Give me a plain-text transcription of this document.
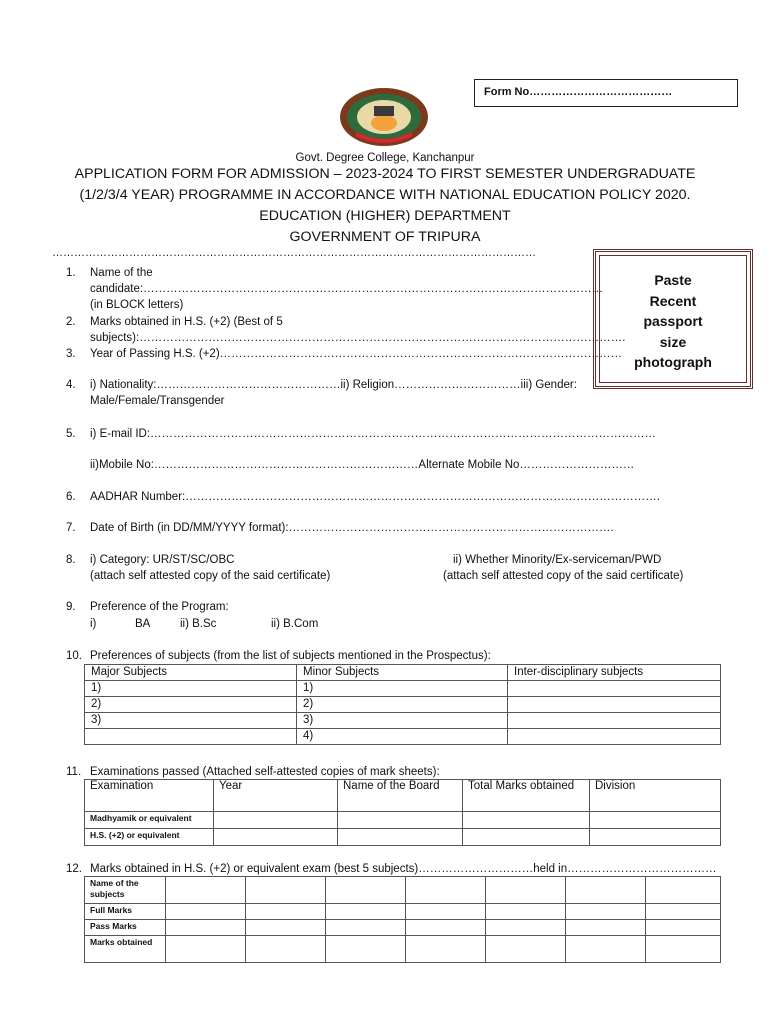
Form No…………………………………
Govt. Degree College, Kanchanpur
APPLICATION FORM FOR ADMISSION – 2023-2024 TO FIRST SEMESTER UNDERGRADUATE
(1/2/3/4 YEAR) PROGRAMME IN ACCORDANCE WITH NATIONAL EDUCATION POLICY 2020.
EDUCATION (HIGHER) DEPARTMENT
GOVERNMENT OF TRIPURA
……………………………………………………………………………………………………………………
Paste
Recent
passport
size
photograph
1. Name of the
candidate:…………………………………………………………………………………………………………
(in BLOCK letters)
2. Marks obtained in H.S. (+2) (Best of 5
subjects):……………………………………………………………………………………………………………….
3. Year of Passing H.S. (+2)……………………………………………………………………………………………
4. i) Nationality:…………………………………………ii) Religion……………………………iii) Gender:
Male/Female/Transgender
5. i) E-mail ID:……………………………………………………………………………………………………………………
ii)Mobile No:……………………………………………………………Alternate Mobile No…………………………
6. AADHAR Number:…………………………………………………………………………………………………………….
7. Date of Birth (in DD/MM/YYYY format):………………………………………………………………………….
8. i) Category: UR/ST/SC/OBC
(attach self attested copy of the said certificate)
ii) Whether Minority/Ex-serviceman/PWD
(attach self attested copy of the said certificate)
9. Preference of the Program:
i)	BA	ii) B.Sc	ii) B.Com
10. Preferences of subjects (from the list of subjects mentioned in the Prospectus):
Major Subjects	Minor Subjects	Inter-disciplinary subjects
1)	1)	
2)	2)	
3)	3)	
	4)	
11. Examinations passed (Attached self-attested copies of mark sheets):
Examination	Year	Name of the Board	Total Marks obtained	Division
Madhyamik or equivalent				
H.S. (+2) or equivalent				
12. Marks obtained in H.S. (+2) or equivalent exam (best 5 subjects)…………………………held in…………………………………
Name of the subjects							
Full Marks							
Pass Marks							
Marks obtained							
